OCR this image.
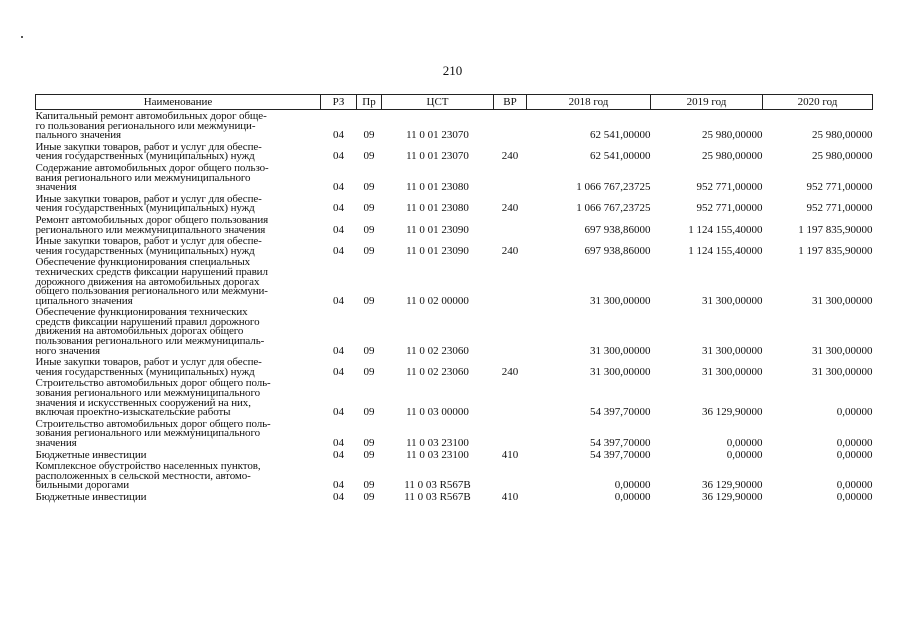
210
Наименование	РЗ	Пр	ЦСТ	ВР	2018 год	2019 год	2020 год
Капитальный ремонт автомобильных дорог обще-
го пользования регионального или межмуници-
пального значения	04	09	11 0 01 23070		62 541,00000	25 980,00000	25 980,00000
Иные закупки товаров, работ и услуг для обеспе-
чения государственных (муниципальных) нужд	04	09	11 0 01 23070	240	62 541,00000	25 980,00000	25 980,00000
Содержание автомобильных дорог общего пользо-
вания регионального или межмуниципального
значения	04	09	11 0 01 23080		1 066 767,23725	952 771,00000	952 771,00000
Иные закупки товаров, работ и услуг для обеспе-
чения государственных (муниципальных) нужд	04	09	11 0 01 23080	240	1 066 767,23725	952 771,00000	952 771,00000
Ремонт автомобильных дорог общего пользования
регионального или межмуниципального значения	04	09	11 0 01 23090		697 938,86000	1 124 155,40000	1 197 835,90000
Иные закупки товаров, работ и услуг для обеспе-
чения государственных (муниципальных) нужд	04	09	11 0 01 23090	240	697 938,86000	1 124 155,40000	1 197 835,90000
Обеспечение функционирования специальных
технических средств фиксации нарушений правил
дорожного движения на автомобильных дорогах
общего пользования регионального или межмуни-
ципального значения	04	09	11 0 02 00000		31 300,00000	31 300,00000	31 300,00000
Обеспечение функционирования технических
средств фиксации нарушений правил дорожного
движения на автомобильных дорогах общего
пользования регионального или межмуниципаль-
ного значения	04	09	11 0 02 23060		31 300,00000	31 300,00000	31 300,00000
Иные закупки товаров, работ и услуг для обеспе-
чения государственных (муниципальных) нужд	04	09	11 0 02 23060	240	31 300,00000	31 300,00000	31 300,00000
Строительство автомобильных дорог общего поль-
зования регионального или межмуниципального
значения и искусственных сооружений на них,
включая проектно-изыскательские работы	04	09	11 0 03 00000		54 397,70000	36 129,90000	0,00000
Строительство автомобильных дорог общего поль-
зования регионального или межмуниципального
значения	04	09	11 0 03 23100		54 397,70000	0,00000	0,00000
Бюджетные инвестиции	04	09	11 0 03 23100	410	54 397,70000	0,00000	0,00000
Комплексное обустройство населенных пунктов,
расположенных в сельской местности, автомо-
бильными дорогами	04	09	11 0 03 R567B		0,00000	36 129,90000	0,00000
Бюджетные инвестиции	04	09	11 0 03 R567B	410	0,00000	36 129,90000	0,00000
